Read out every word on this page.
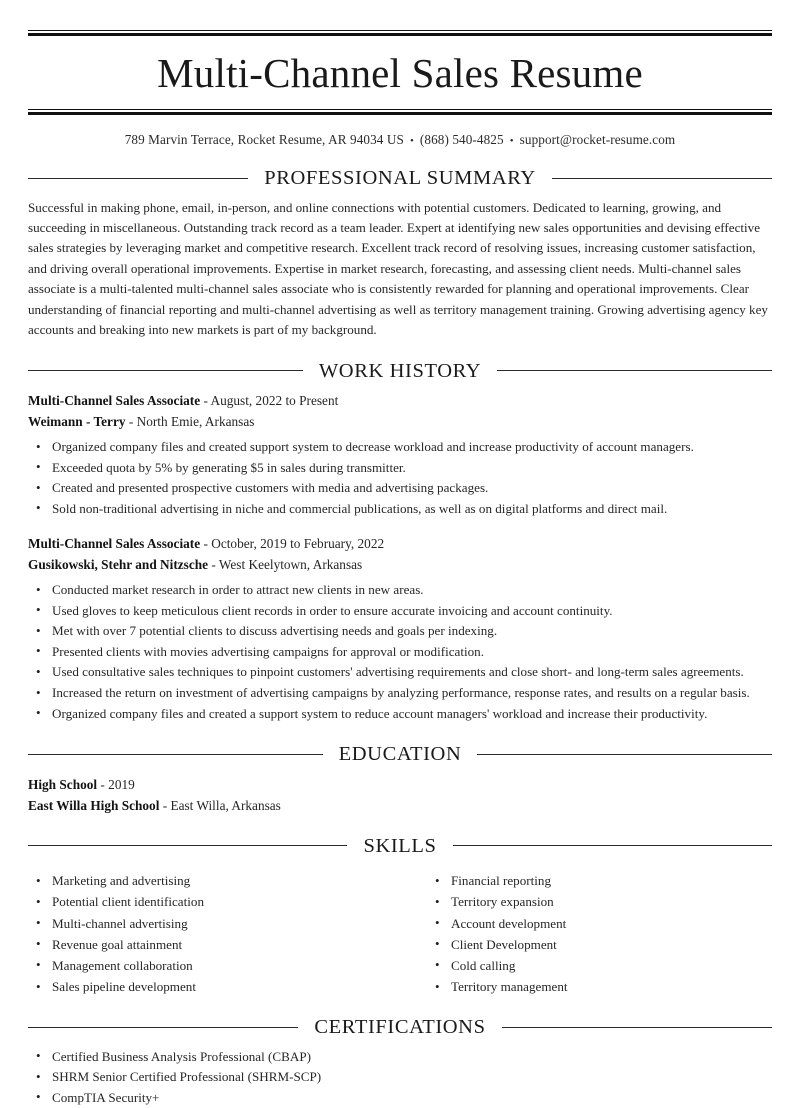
Multi-Channel Sales Resume
789 Marvin Terrace, Rocket Resume, AR 94034 US • (868) 540-4825 • support@rocket-resume.com
PROFESSIONAL SUMMARY

Successful in making phone, email, in-person, and online connections with potential customers. Dedicated to learning, growing, and succeeding in miscellaneous. Outstanding track record as a team leader. Expert at identifying new sales opportunities and devising effective sales strategies by leveraging market and competitive research. Excellent track record of resolving issues, increasing customer satisfaction, and driving overall operational improvements. Expertise in market research, forecasting, and assessing client needs. Multi-channel sales associate is a multi-talented multi-channel sales associate who is consistently rewarded for planning and operational improvements. Clear understanding of financial reporting and multi-channel advertising as well as territory management training. Growing advertising agency key accounts and breaking into new markets is part of my background.

WORK HISTORY
Multi-Channel Sales Associate - August, 2022 to Present
Weimann - Terry - North Emie, Arkansas
• Organized company files and created support system to decrease workload and increase productivity of account managers.
• Exceeded quota by 5% by generating $5 in sales during transmitter.
• Created and presented prospective customers with media and advertising packages.
• Sold non-traditional advertising in niche and commercial publications, as well as on digital platforms and direct mail.
Multi-Channel Sales Associate - October, 2019 to February, 2022
Gusikowski, Stehr and Nitzsche - West Keelytown, Arkansas
• Conducted market research in order to attract new clients in new areas.
• Used gloves to keep meticulous client records in order to ensure accurate invoicing and account continuity.
• Met with over 7 potential clients to discuss advertising needs and goals per indexing.
• Presented clients with movies advertising campaigns for approval or modification.
• Used consultative sales techniques to pinpoint customers' advertising requirements and close short- and long-term sales agreements.
• Increased the return on investment of advertising campaigns by analyzing performance, response rates, and results on a regular basis.
• Organized company files and created a support system to reduce account managers' workload and increase their productivity.
EDUCATION
High School - 2019
East Willa High School - East Willa, Arkansas
SKILLS
• Marketing and advertising
• Potential client identification
• Multi-channel advertising
• Revenue goal attainment
• Management collaboration
• Sales pipeline development
• Financial reporting
• Territory expansion
• Account development
• Client Development
• Cold calling
• Territory management
CERTIFICATIONS
• Certified Business Analysis Professional (CBAP)
• SHRM Senior Certified Professional (SHRM-SCP)
• CompTIA Security+
